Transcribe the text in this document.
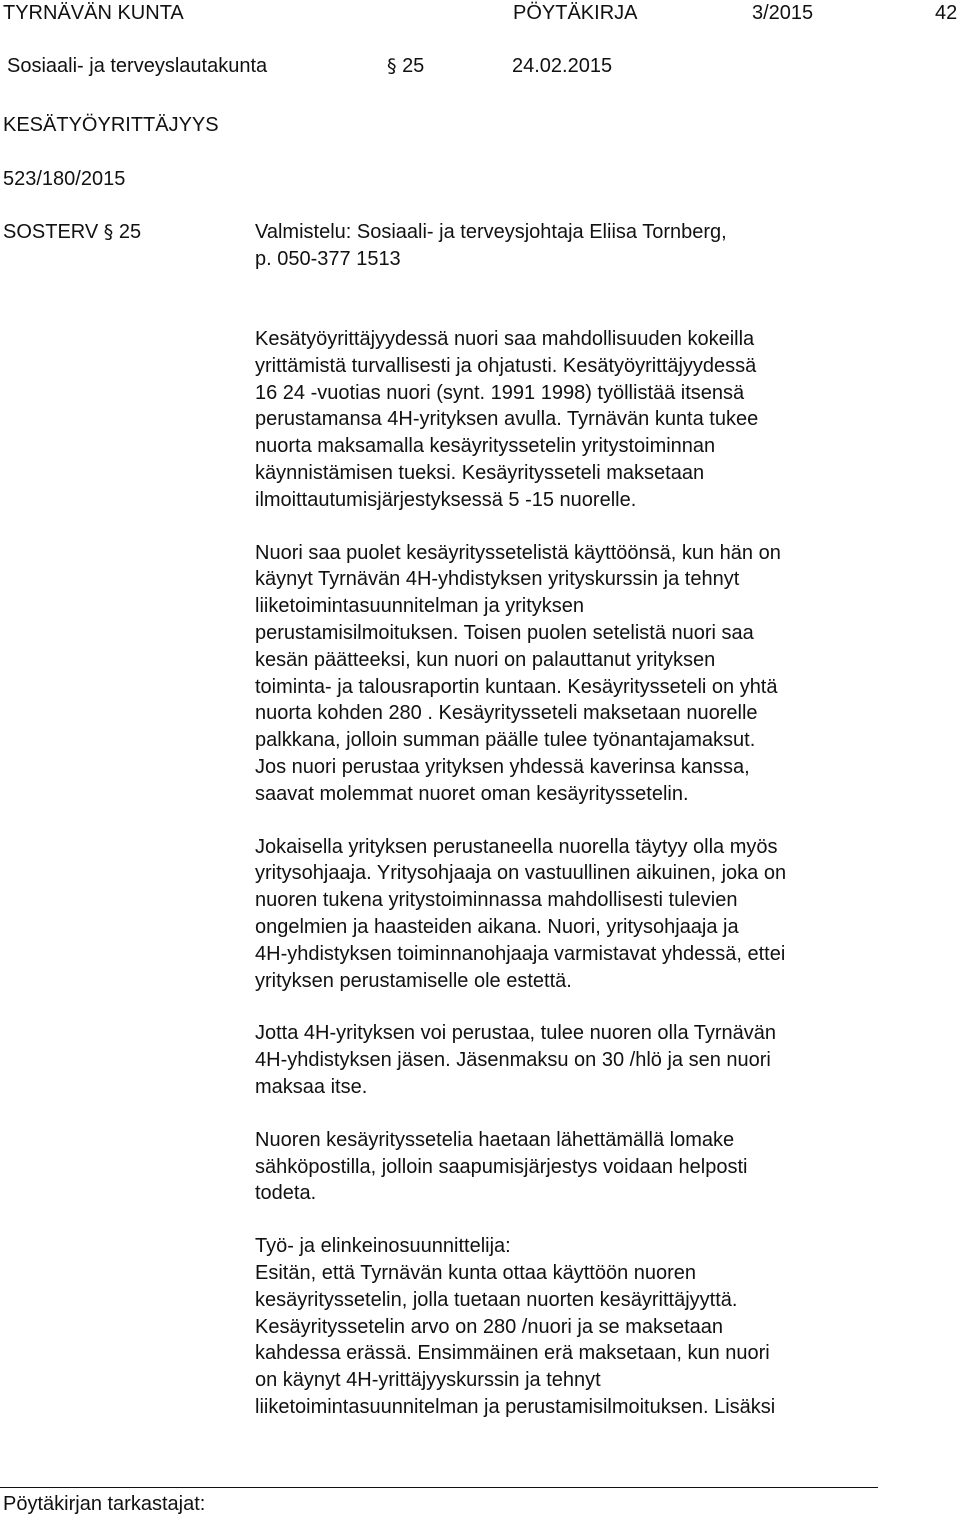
TYRNÄVÄN KUNTA	PÖYTÄKIRJA	3/2015	42
Sosiaali- ja terveyslautakunta	§ 25	24.02.2015
KESÄTYÖYRITTÄJYYS
523/180/2015
SOSTERV § 25	Valmistelu: Sosiaali- ja terveysjohtaja Eliisa Tornberg,
p. 050-377 1513
Kesätyöyrittäjyydessä nuori saa mahdollisuuden kokeilla
yrittämistä turvallisesti ja ohjatusti. Kesätyöyrittäjyydessä
16 24 -vuotias nuori (synt. 1991 1998) työllistää itsensä
perustamansa 4H-yrityksen avulla. Tyrnävän kunta tukee
nuorta maksamalla kesäyrityssetelin yritystoiminnan
käynnistämisen tueksi. Kesäyritysseteli maksetaan
ilmoittautumisjärjestyksessä 5 -15 nuorelle.
Nuori saa puolet kesäyrityssetelistä käyttöönsä, kun hän on
käynyt Tyrnävän 4H-yhdistyksen yrityskurssin ja tehnyt
liiketoimintasuunnitelman ja yrityksen
perustamisilmoituksen. Toisen puolen setelistä nuori saa
kesän päätteeksi, kun nuori on palauttanut yrityksen
toiminta- ja talousraportin kuntaan. Kesäyritysseteli on yhtä
nuorta kohden 280 . Kesäyritysseteli maksetaan nuorelle
palkkana, jolloin summan päälle tulee työnantajamaksut.
Jos nuori perustaa yrityksen yhdessä kaverinsa kanssa,
saavat molemmat nuoret oman kesäyrityssetelin.
Jokaisella yrityksen perustaneella nuorella täytyy olla myös
yritysohjaaja. Yritysohjaaja on vastuullinen aikuinen, joka on
nuoren tukena yritystoiminnassa mahdollisesti tulevien
ongelmien ja haasteiden aikana. Nuori, yritysohjaaja ja
4H-yhdistyksen toiminnanohjaaja varmistavat yhdessä, ettei
yrityksen perustamiselle ole estettä.
Jotta 4H-yrityksen voi perustaa, tulee nuoren olla Tyrnävän
4H-yhdistyksen jäsen. Jäsenmaksu on 30 /hlö ja sen nuori
maksaa itse.
Nuoren kesäyrityssetelia haetaan lähettämällä lomake
sähköpostilla, jolloin saapumisjärjestys voidaan helposti
todeta.
Työ- ja elinkeinosuunnittelija:
Esitän, että Tyrnävän kunta ottaa käyttöön nuoren
kesäyrityssetelin, jolla tuetaan nuorten kesäyrittäjyyttä.
Kesäyrityssetelin arvo on 280 /nuori ja se maksetaan
kahdessa erässä. Ensimmäinen erä maksetaan, kun nuori
on käynyt 4H-yrittäjyyskurssin ja tehnyt
liiketoimintasuunnitelman ja perustamisilmoituksen. Lisäksi
Pöytäkirjan tarkastajat:
